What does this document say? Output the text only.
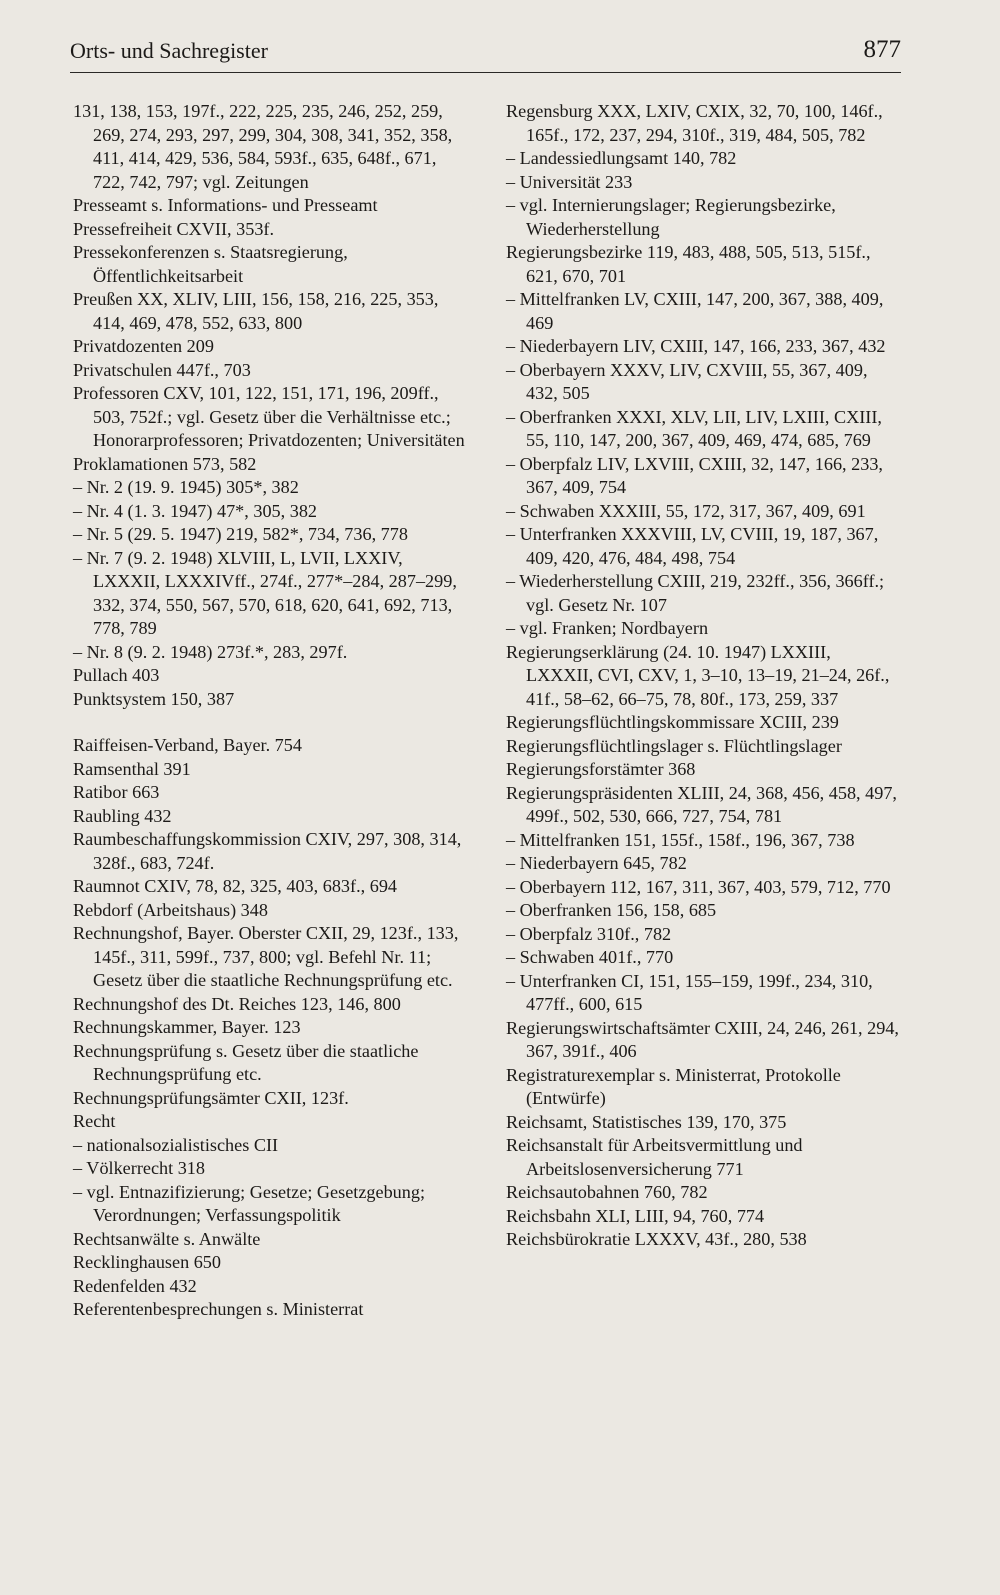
Orts- und Sachregister	877

131, 138, 153, 197f., 222, 225, 235, 246, 252, 259, 269, 274, 293, 297, 299, 304, 308, 341, 352, 358, 411, 414, 429, 536, 584, 593f., 635, 648f., 671, 722, 742, 797; vgl. Zeitungen

Presseamt s. Informations- und Presseamt

Pressefreiheit CXVII, 353f.

Pressekonferenzen s. Staatsregierung, Öffentlichkeitsarbeit

Preußen XX, XLIV, LIII, 156, 158, 216, 225, 353, 414, 469, 478, 552, 633, 800

Privatdozenten 209

Privatschulen 447f., 703

Professoren CXV, 101, 122, 151, 171, 196, 209ff., 503, 752f.; vgl. Gesetz über die Verhältnisse etc.; Honorarprofessoren; Privatdozenten; Universitäten

Proklamationen 573, 582

– Nr. 2 (19. 9. 1945) 305*, 382

– Nr. 4 (1. 3. 1947) 47*, 305, 382

– Nr. 5 (29. 5. 1947) 219, 582*, 734, 736, 778

– Nr. 7 (9. 2. 1948) XLVIII, L, LVII, LXXIV, LXXXII, LXXXIVff., 274f., 277*–284, 287–299, 332, 374, 550, 567, 570, 618, 620, 641, 692, 713, 778, 789

– Nr. 8 (9. 2. 1948) 273f.*, 283, 297f.

Pullach 403

Punktsystem 150, 387

Raiffeisen-Verband, Bayer. 754

Ramsenthal 391

Ratibor 663

Raubling 432

Raumbeschaffungskommission CXIV, 297, 308, 314, 328f., 683, 724f.

Raumnot CXIV, 78, 82, 325, 403, 683f., 694

Rebdorf (Arbeitshaus) 348

Rechnungshof, Bayer. Oberster CXII, 29, 123f., 133, 145f., 311, 599f., 737, 800; vgl. Befehl Nr. 11; Gesetz über die staatliche Rechnungsprüfung etc.

Rechnungshof des Dt. Reiches 123, 146, 800

Rechnungskammer, Bayer. 123

Rechnungsprüfung s. Gesetz über die staatliche Rechnungsprüfung etc.

Rechnungsprüfungsämter CXII, 123f.

Recht

– nationalsozialistisches CII

– Völkerrecht 318

– vgl. Entnazifizierung; Gesetze; Gesetzgebung; Verordnungen; Verfassungspolitik

Rechtsanwälte s. Anwälte

Recklinghausen 650

Redenfelden 432

Referentenbesprechungen s. Ministerrat

Regensburg XXX, LXIV, CXIX, 32, 70, 100, 146f., 165f., 172, 237, 294, 310f., 319, 484, 505, 782

– Landessiedlungsamt 140, 782

– Universität 233

– vgl. Internierungslager; Regierungsbezirke, Wiederherstellung

Regierungsbezirke 119, 483, 488, 505, 513, 515f., 621, 670, 701

– Mittelfranken LV, CXIII, 147, 200, 367, 388, 409, 469

– Niederbayern LIV, CXIII, 147, 166, 233, 367, 432

– Oberbayern XXXV, LIV, CXVIII, 55, 367, 409, 432, 505

– Oberfranken XXXI, XLV, LII, LIV, LXIII, CXIII, 55, 110, 147, 200, 367, 409, 469, 474, 685, 769

– Oberpfalz LIV, LXVIII, CXIII, 32, 147, 166, 233, 367, 409, 754

– Schwaben XXXIII, 55, 172, 317, 367, 409, 691

– Unterfranken XXXVIII, LV, CVIII, 19, 187, 367, 409, 420, 476, 484, 498, 754

– Wiederherstellung CXIII, 219, 232ff., 356, 366ff.; vgl. Gesetz Nr. 107

– vgl. Franken; Nordbayern

Regierungserklärung (24. 10. 1947) LXXIII, LXXXII, CVI, CXV, 1, 3–10, 13–19, 21–24, 26f., 41f., 58–62, 66–75, 78, 80f., 173, 259, 337

Regierungsflüchtlingskommissare XCIII, 239

Regierungsflüchtlingslager s. Flüchtlingslager

Regierungsforstämter 368

Regierungspräsidenten XLIII, 24, 368, 456, 458, 497, 499f., 502, 530, 666, 727, 754, 781

– Mittelfranken 151, 155f., 158f., 196, 367, 738

– Niederbayern 645, 782

– Oberbayern 112, 167, 311, 367, 403, 579, 712, 770

– Oberfranken 156, 158, 685

– Oberpfalz 310f., 782

– Schwaben 401f., 770

– Unterfranken CI, 151, 155–159, 199f., 234, 310, 477ff., 600, 615

Regierungswirtschaftsämter CXIII, 24, 246, 261, 294, 367, 391f., 406

Registraturexemplar s. Ministerrat, Protokolle (Entwürfe)

Reichsamt, Statistisches 139, 170, 375

Reichsanstalt für Arbeitsvermittlung und Arbeitslosenversicherung 771

Reichsautobahnen 760, 782

Reichsbahn XLI, LIII, 94, 760, 774

Reichsbürokratie LXXXV, 43f., 280, 538
